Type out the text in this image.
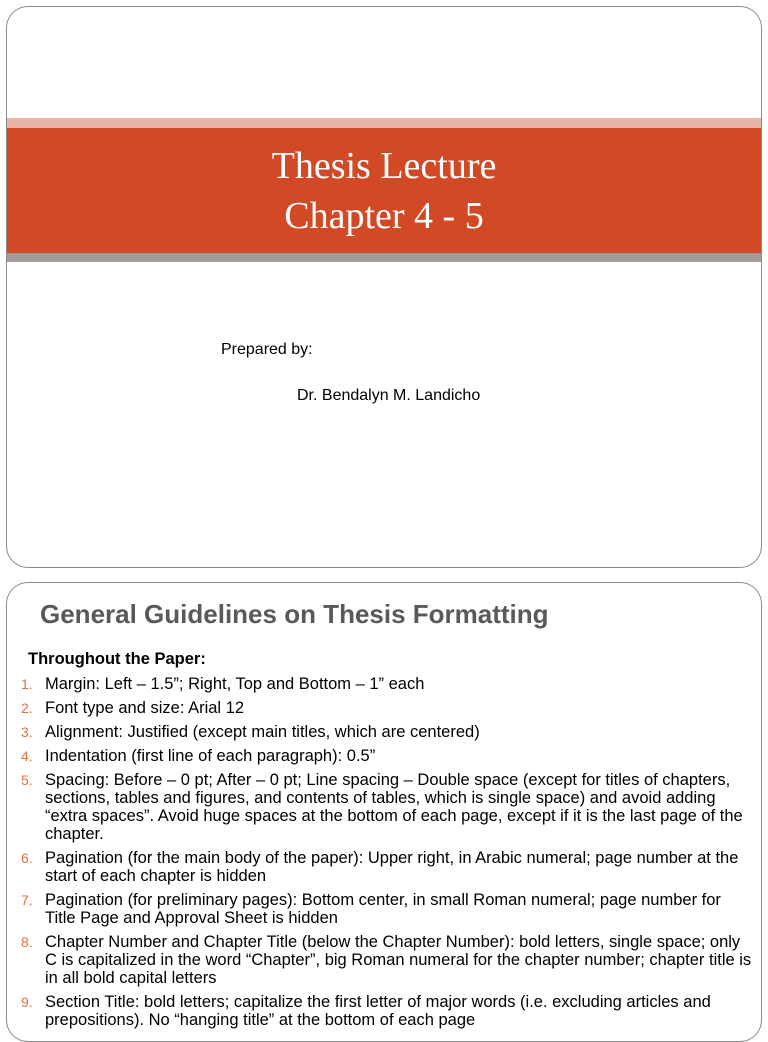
Thesis Lecture
Chapter 4 - 5
Prepared by:
Dr. Bendalyn M. Landicho
General Guidelines on Thesis Formatting
Throughout the Paper:
1. Margin: Left – 1.5”; Right, Top and Bottom – 1” each
2. Font type and size: Arial 12
3. Alignment: Justified (except main titles, which are centered)
4. Indentation (first line of each paragraph): 0.5”
5. Spacing: Before – 0 pt; After – 0 pt; Line spacing – Double space (except for titles of chapters, sections, tables and figures, and contents of tables, which is single space) and avoid adding “extra spaces”. Avoid huge spaces at the bottom of each page, except if it is the last page of the chapter.
6. Pagination (for the main body of the paper): Upper right, in Arabic numeral; page number at the start of each chapter is hidden
7. Pagination (for preliminary pages): Bottom center, in small Roman numeral; page number for Title Page and Approval Sheet is hidden
8. Chapter Number and Chapter Title (below the Chapter Number): bold letters, single space; only C is capitalized in the word “Chapter”, big Roman numeral for the chapter number; chapter title is in all bold capital letters
9. Section Title: bold letters; capitalize the first letter of major words (i.e. excluding articles and prepositions). No “hanging title” at the bottom of each page
